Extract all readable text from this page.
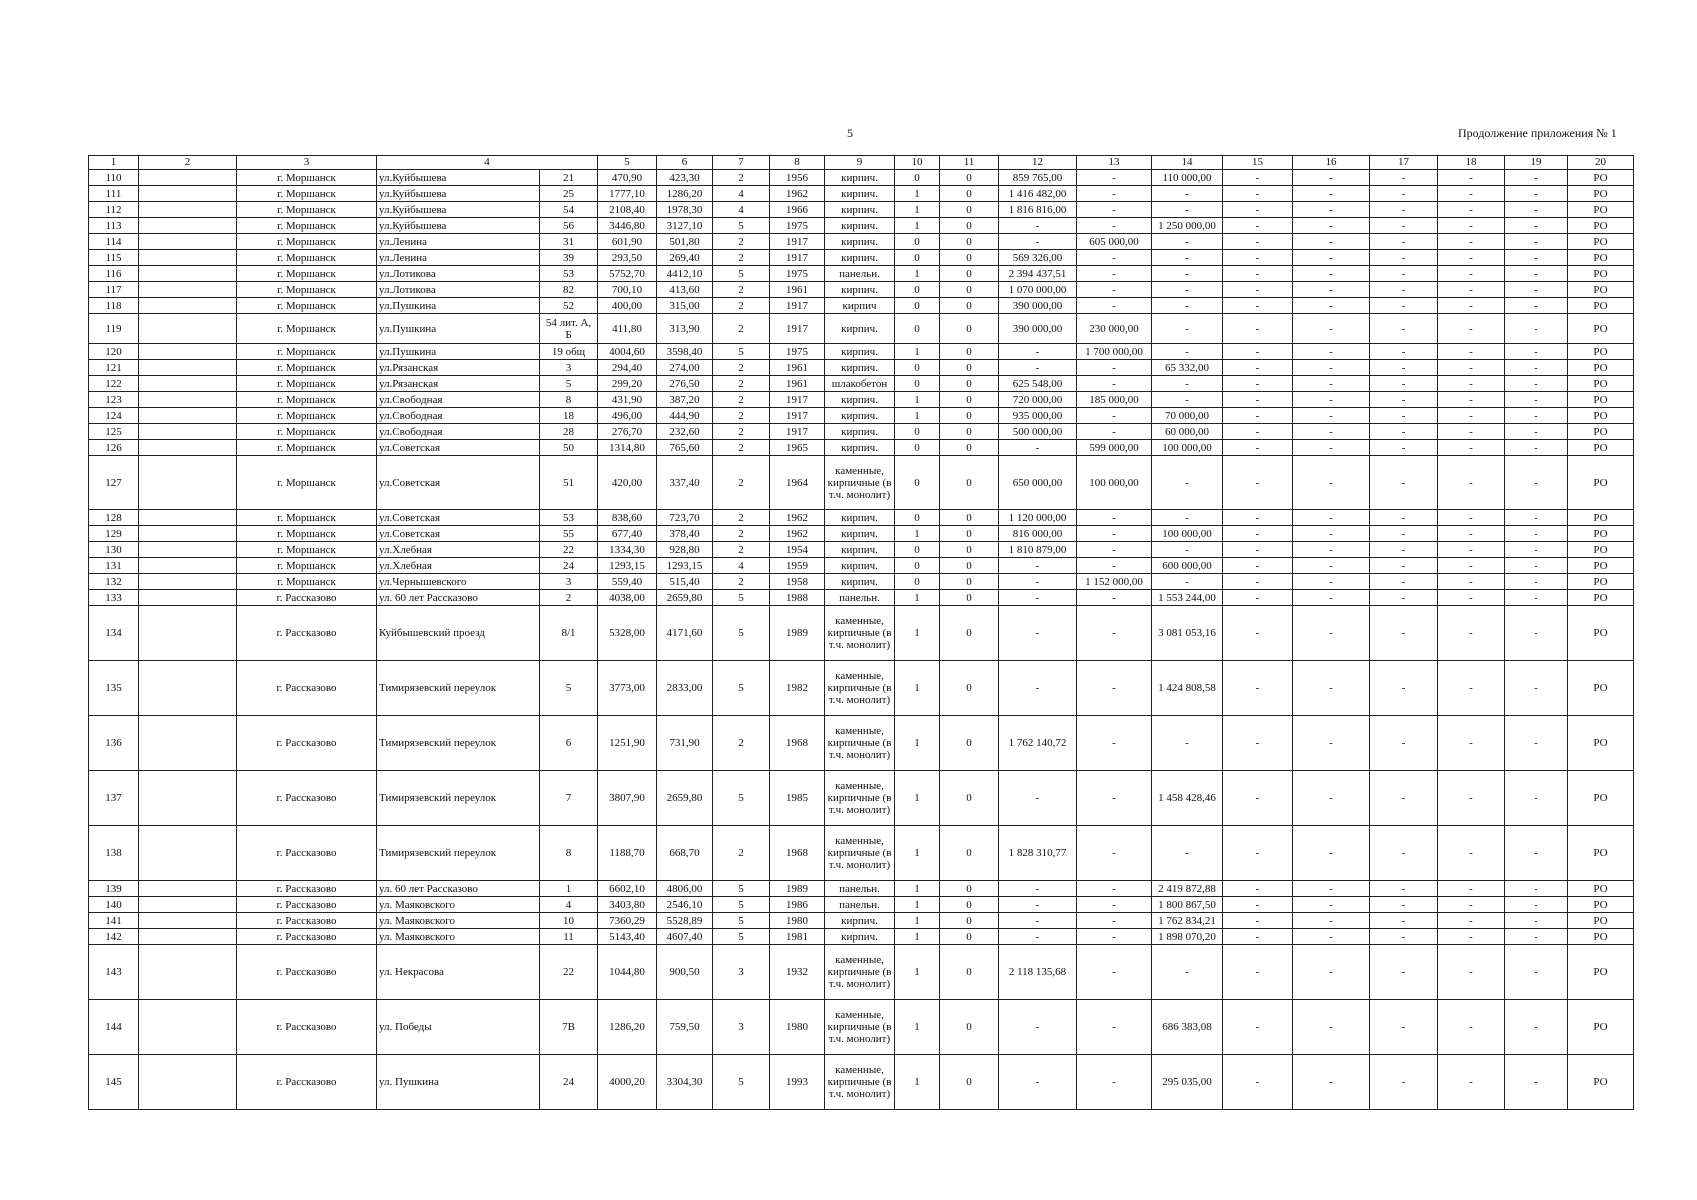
5	Продолжение приложения № 1
1	2	3	4		5	6	7	8	9	10	11	12	13	14	15	16	17	18	19	20
110		г. Моршанск	ул.Куйбышева	21	470,90	423,30	2	1956	кирпич.	0	0	859 765,00	-	110 000,00	-	-	-	-	-	РО
111		г. Моршанск	ул.Куйбышева	25	1777,10	1286,20	4	1962	кирпич.	1	0	1 416 482,00	-	-	-	-	-	-	-	РО
112		г. Моршанск	ул.Куйбышева	54	2108,40	1978,30	4	1966	кирпич.	1	0	1 816 816,00	-	-	-	-	-	-	-	РО
113		г. Моршанск	ул.Куйбышева	56	3446,80	3127,10	5	1975	кирпич.	1	0	-	-	1 250 000,00	-	-	-	-	-	РО
114		г. Моршанск	ул.Ленина	31	601,90	501,80	2	1917	кирпич.	0	0	-	605 000,00	-	-	-	-	-	-	РО
115		г. Моршанск	ул.Ленина	39	293,50	269,40	2	1917	кирпич.	0	0	569 326,00	-	-	-	-	-	-	-	РО
116		г. Моршанск	ул.Лотикова	53	5752,70	4412,10	5	1975	панельн.	1	0	2 394 437,51	-	-	-	-	-	-	-	РО
117		г. Моршанск	ул.Лотикова	82	700,10	413,60	2	1961	кирпич.	0	0	1 070 000,00	-	-	-	-	-	-	-	РО
118		г. Моршанск	ул.Пушкина	52	400,00	315,00	2	1917	кирпич	0	0	390 000,00	-	-	-	-	-	-	-	РО
119		г. Моршанск	ул.Пушкина	54 лит. А, Б	411,80	313,90	2	1917	кирпич.	0	0	390 000,00	230 000,00	-	-	-	-	-	-	РО
120		г. Моршанск	ул.Пушкина	19 общ	4004,60	3598,40	5	1975	кирпич.	1	0	-	1 700 000,00	-	-	-	-	-	-	РО
121		г. Моршанск	ул.Рязанская	3	294,40	274,00	2	1961	кирпич.	0	0	-	-	65 332,00	-	-	-	-	-	РО
122		г. Моршанск	ул.Рязанская	5	299,20	276,50	2	1961	шлакобетон	0	0	625 548,00	-	-	-	-	-	-	-	РО
123		г. Моршанск	ул.Свободная	8	431,90	387,20	2	1917	кирпич.	1	0	720 000,00	185 000,00	-	-	-	-	-	-	РО
124		г. Моршанск	ул.Свободная	18	496,00	444,90	2	1917	кирпич.	1	0	935 000,00	-	70 000,00	-	-	-	-	-	РО
125		г. Моршанск	ул.Свободная	28	276,70	232,60	2	1917	кирпич.	0	0	500 000,00	-	60 000,00	-	-	-	-	-	РО
126		г. Моршанск	ул.Советская	50	1314,80	765,60	2	1965	кирпич.	0	0	-	599 000,00	100 000,00	-	-	-	-	-	РО
127		г. Моршанск	ул.Советская	51	420,00	337,40	2	1964	каменные, кирпичные (в т.ч. монолит)	0	0	650 000,00	100 000,00	-	-	-	-	-	-	РО
128		г. Моршанск	ул.Советская	53	838,60	723,70	2	1962	кирпич.	0	0	1 120 000,00	-	-	-	-	-	-	-	РО
129		г. Моршанск	ул.Советская	55	677,40	378,40	2	1962	кирпич.	1	0	816 000,00	-	100 000,00	-	-	-	-	-	РО
130		г. Моршанск	ул.Хлебная	22	1334,30	928,80	2	1954	кирпич.	0	0	1 810 879,00	-	-	-	-	-	-	-	РО
131		г. Моршанск	ул.Хлебная	24	1293,15	1293,15	4	1959	кирпич.	0	0	-	-	600 000,00	-	-	-	-	-	РО
132		г. Моршанск	ул.Чернышевского	3	559,40	515,40	2	1958	кирпич.	0	0	-	1 152 000,00	-	-	-	-	-	-	РО
133		г. Рассказово	ул. 60 лет Рассказово	2	4038,00	2659,80	5	1988	панельн.	1	0	-	-	1 553 244,00	-	-	-	-	-	РО
134		г. Рассказово	Куйбышевский проезд	8/1	5328,00	4171,60	5	1989	каменные, кирпичные (в т.ч. монолит)	1	0	-	-	3 081 053,16	-	-	-	-	-	РО
135		г. Рассказово	Тимирязевский переулок	5	3773,00	2833,00	5	1982	каменные, кирпичные (в т.ч. монолит)	1	0	-	-	1 424 808,58	-	-	-	-	-	РО
136		г. Рассказово	Тимирязевский переулок	6	1251,90	731,90	2	1968	каменные, кирпичные (в т.ч. монолит)	1	0	1 762 140,72	-	-	-	-	-	-	-	РО
137		г. Рассказово	Тимирязевский переулок	7	3807,90	2659,80	5	1985	каменные, кирпичные (в т.ч. монолит)	1	0	-	-	1 458 428,46	-	-	-	-	-	РО
138		г. Рассказово	Тимирязевский переулок	8	1188,70	668,70	2	1968	каменные, кирпичные (в т.ч. монолит)	1	0	1 828 310,77	-	-	-	-	-	-	-	РО
139		г. Рассказово	ул. 60 лет Рассказово	1	6602,10	4806,00	5	1989	панельн.	1	0	-	-	2 419 872,88	-	-	-	-	-	РО
140		г. Рассказово	ул. Маяковского	4	3403,80	2546,10	5	1986	панельн.	1	0	-	-	1 800 867,50	-	-	-	-	-	РО
141		г. Рассказово	ул. Маяковского	10	7360,29	5528,89	5	1980	кирпич.	1	0	-	-	1 762 834,21	-	-	-	-	-	РО
142		г. Рассказово	ул. Маяковского	11	5143,40	4607,40	5	1981	кирпич.	1	0	-	-	1 898 070,20	-	-	-	-	-	РО
143		г. Рассказово	ул. Некрасова	22	1044,80	900,50	3	1932	каменные, кирпичные (в т.ч. монолит)	1	0	2 118 135,68	-	-	-	-	-	-	-	РО
144		г. Рассказово	ул. Победы	7В	1286,20	759,50	3	1980	каменные, кирпичные (в т.ч. монолит)	1	0	-	-	686 383,08	-	-	-	-	-	РО
145		г. Рассказово	ул. Пушкина	24	4000,20	3304,30	5	1993	каменные, кирпичные (в т.ч. монолит)	1	0	-	-	295 035,00	-	-	-	-	-	РО
